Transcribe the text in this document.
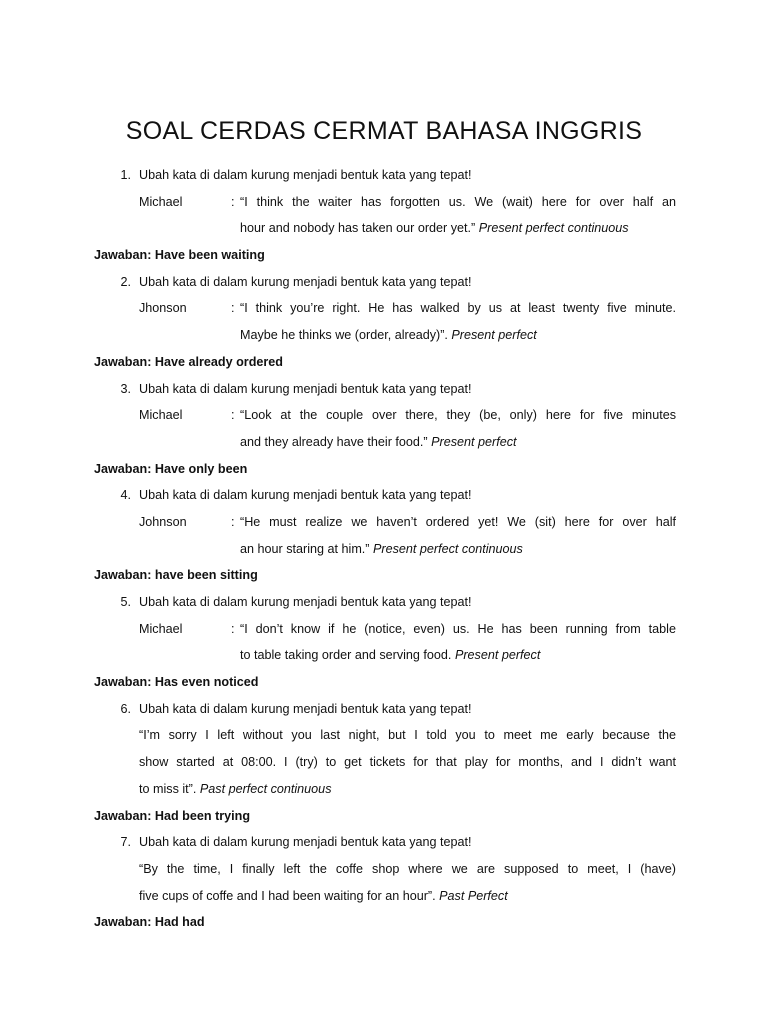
SOAL CERDAS CERMAT BAHASA INGGRIS
1. Ubah kata di dalam kurung menjadi bentuk kata yang tepat!
Michael	: “I think the waiter has forgotten us. We (wait) here for over half an
hour and nobody has taken our order yet.” Present perfect continuous
Jawaban: Have been waiting
2. Ubah kata di dalam kurung menjadi bentuk kata yang tepat!
Jhonson	: “I think you’re right. He has walked by us at least twenty five minute.
Maybe he thinks we (order, already)”. Present perfect
Jawaban: Have already ordered
3. Ubah kata di dalam kurung menjadi bentuk kata yang tepat!
Michael	: “Look at the couple over there, they (be, only) here for five minutes
and they already have their food.” Present perfect
Jawaban: Have only been
4. Ubah kata di dalam kurung menjadi bentuk kata yang tepat!
Johnson	: “He must realize we haven’t ordered yet! We (sit) here for over half
an hour staring at him.” Present perfect continuous
Jawaban: have been sitting
5. Ubah kata di dalam kurung menjadi bentuk kata yang tepat!
Michael	: “I don’t know if he (notice, even) us. He has been running from table
to table taking order and serving food. Present perfect
Jawaban: Has even noticed
6. Ubah kata di dalam kurung menjadi bentuk kata yang tepat!
“I’m sorry I left without you last night, but I told you to meet me early because the
show started at 08:00. I (try) to get tickets for that play for months, and I didn’t want
to miss it”. Past perfect continuous
Jawaban: Had been trying
7. Ubah kata di dalam kurung menjadi bentuk kata yang tepat!
“By the time, I finally left the coffe shop where we are supposed to meet, I (have)
five cups of coffe and I had been waiting for an hour”. Past Perfect
Jawaban: Had had
